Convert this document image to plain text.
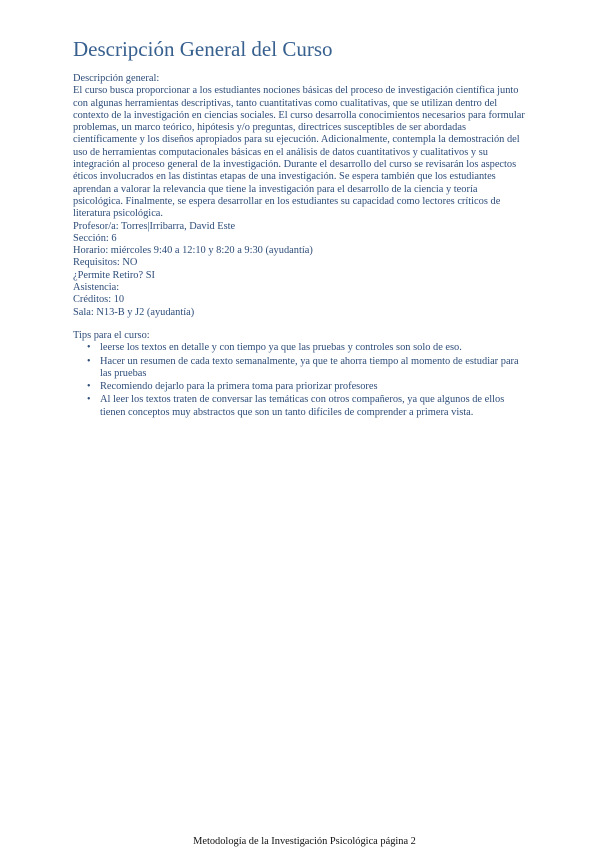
Descripción General del Curso

Descripción general:

El curso busca proporcionar a los estudiantes nociones básicas del proceso de investigación científica junto con algunas herramientas descriptivas, tanto cuantitativas como cualitativas, que se utilizan dentro del contexto de la investigación en ciencias sociales. El curso desarrolla conocimientos necesarios para formular problemas, un marco teórico, hipótesis y/o preguntas, directrices susceptibles de ser abordadas científicamente y los diseños apropiados para su ejecución. Adicionalmente, contempla la demostración del uso de herramientas computacionales básicas en el análisis de datos cuantitativos y cualitativos y su integración al proceso general de la investigación. Durante el desarrollo del curso se revisarán los aspectos éticos involucrados en las distintas etapas de una investigación. Se espera también que los estudiantes aprendan a valorar la relevancia que tiene la investigación para el desarrollo de la ciencia y teoría psicológica. Finalmente, se espera desarrollar en los estudiantes su capacidad como lectores críticos de literatura psicológica.

Profesor/a: Torres|Irribarra, David Este

Sección: 6

Horario: miércoles 9:40 a 12:10 y 8:20 a 9:30 (ayudantía)

Requisitos: NO

¿Permite Retiro? SI

Asistencia:

Créditos: 10

Sala: N13-B y J2 (ayudantía)

Tips para el curso:

• leerse los textos en detalle y con tiempo ya que las pruebas y controles son solo de eso.
• Hacer un resumen de cada texto semanalmente, ya que te ahorra tiempo al momento de estudiar para las pruebas
• Recomiendo dejarlo para la primera toma para priorizar profesores
• Al leer los textos traten de conversar las temáticas con otros compañeros, ya que algunos de ellos tienen conceptos muy abstractos que son un tanto difíciles de comprender a primera vista.
Metodología de la Investigación Psicológica página 2
